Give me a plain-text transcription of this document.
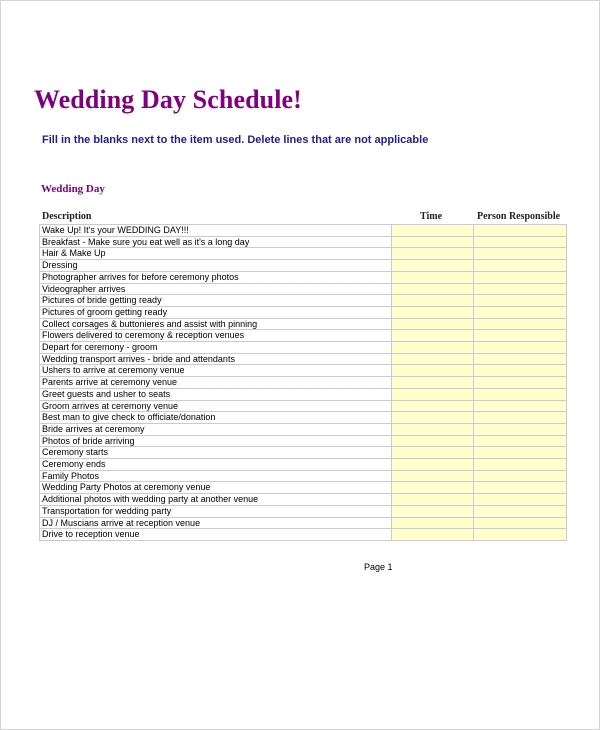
Wedding Day Schedule!
Fill in the blanks next to the item used. Delete lines that are not applicable
Wedding Day
Description	Time	Person Responsible
Wake Up! It's your WEDDING DAY!!!		
Breakfast - Make sure you eat well as it's a long day		
Hair & Make Up		
Dressing		
Photographer arrives for before ceremony photos		
Videographer arrives		
Pictures of bride getting ready		
Pictures of groom getting ready		
Collect corsages & buttonieres and assist with pinning		
Flowers delivered to ceremony & reception venues		
Depart for ceremony - groom		
Wedding transport arrives - bride and attendants		
Ushers to arrive at ceremony venue		
Parents arrive at ceremony venue		
Greet guests and usher to seats		
Groom arrives at ceremony venue		
Best man to give check to officiate/donation		
Bride arrives at ceremony		
Photos of bride arriving		
Ceremony starts		
Ceremony ends		
Family Photos		
Wedding Party Photos at ceremony venue		
Additional photos with wedding party at another venue		
Transportation for wedding party		
DJ / Muscians arrive at reception venue		
Drive to reception venue		
Page 1
